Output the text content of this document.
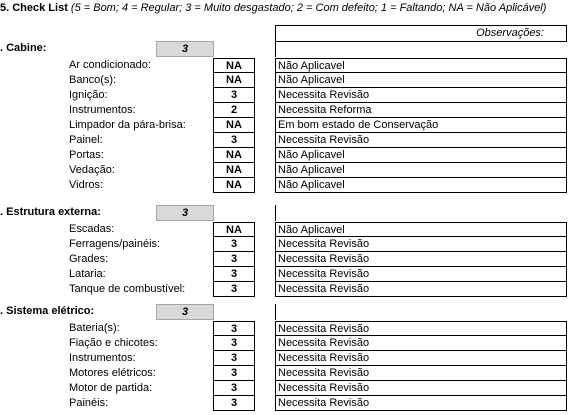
5. Check List (5 = Bom; 4 = Regular; 3 = Muito desgastado; 2 = Com defeito; 1 = Faltando; NA = Não Aplicável)
Observações:
. Cabine:	3
Ar condicionado:	NA	Não Aplicavel
Banco(s):	NA	Não Aplicavel
Ignição:	3	Necessita Revisão
Instrumentos:	2	Necessita Reforma
Limpador da pára-brisa:	NA	Em bom estado de Conservação
Painel:	3	Necessita Revisão
Portas:	NA	Não Aplicavel
Vedação:	NA	Não Aplicavel
Vidros:	NA	Não Aplicavel
. Estrutura externa:	3
Escadas:	NA	Não Aplicavel
Ferragens/painéis:	3	Necessita Revisão
Grades:	3	Necessita Revisão
Lataria:	3	Necessita Revisão
Tanque de combustível:	3	Necessita Revisão
. Sistema elétrico:	3
Bateria(s):	3	Necessita Revisão
Fiação e chicotes:	3	Necessita Revisão
Instrumentos:	3	Necessita Revisão
Motores elétricos:	3	Necessita Revisão
Motor de partida:	3	Necessita Revisão
Painéis:	3	Necessita Revisão
